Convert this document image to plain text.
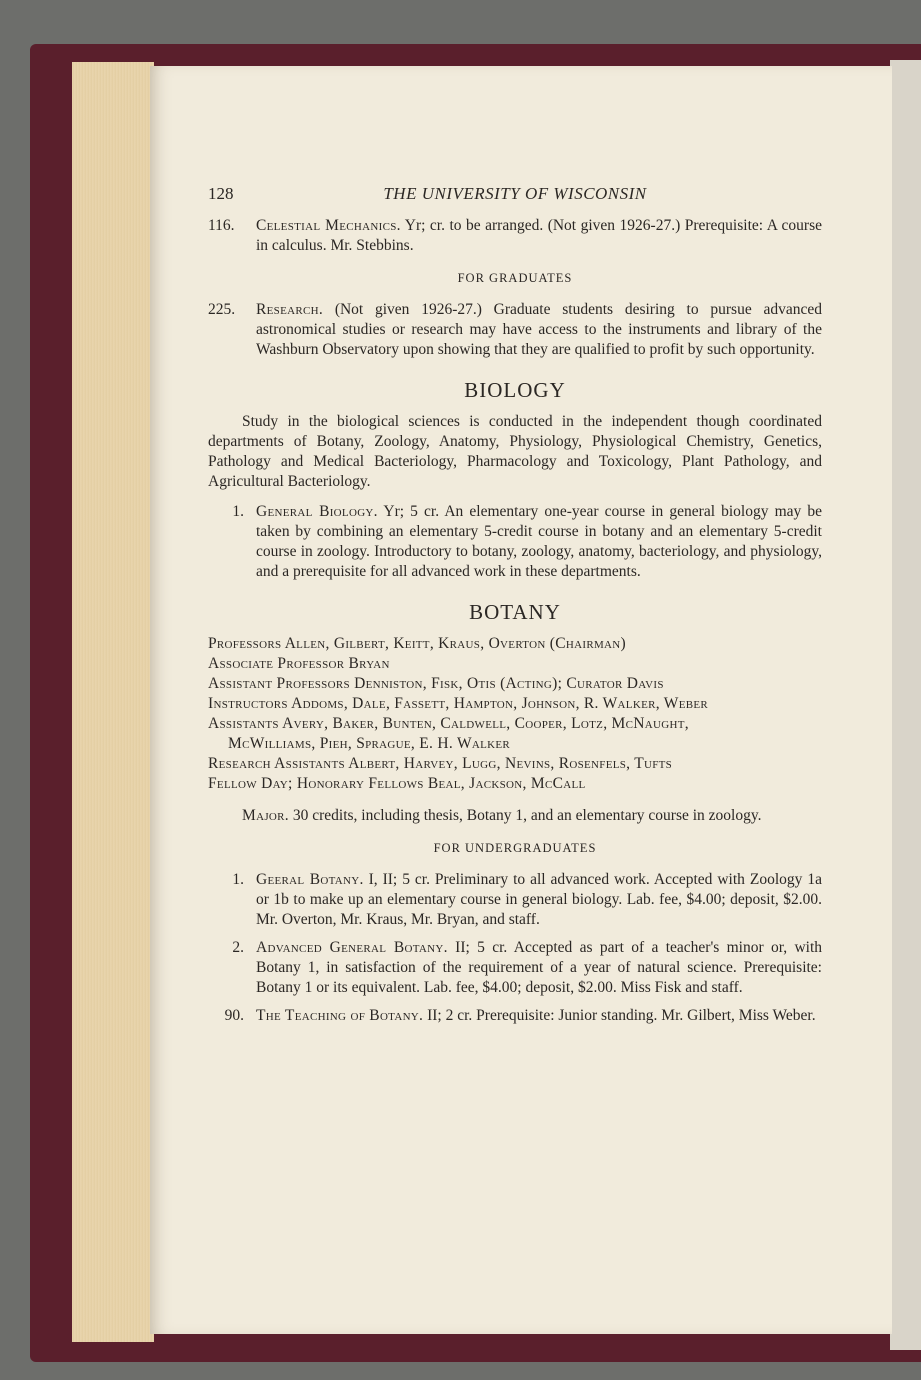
128	THE UNIVERSITY OF WISCONSIN
116.	Celestial Mechanics. Yr; cr. to be arranged. (Not given 1926-27.) Prerequisite: A course in calculus. Mr. Stebbins.
FOR GRADUATES
225.	Research. (Not given 1926-27.) Graduate students desiring to pursue advanced astronomical studies or research may have access to the instruments and library of the Washburn Observatory upon showing that they are qualified to profit by such opportunity.
BIOLOGY
Study in the biological sciences is conducted in the independent though coordinated departments of Botany, Zoology, Anatomy, Physiology, Physiological Chemistry, Genetics, Pathology and Medical Bacteriology, Pharmacology and Toxicology, Plant Pathology, and Agricultural Bacteriology.
1. General Biology. Yr; 5 cr. An elementary one-year course in general biology may be taken by combining an elementary 5-credit course in botany and an elementary 5-credit course in zoology. Introductory to botany, zoology, anatomy, bacteriology, and physiology, and a prerequisite for all advanced work in these departments.
BOTANY
Professors Allen, Gilbert, Keitt, Kraus, Overton (Chairman)
Associate Professor Bryan
Assistant Professors Denniston, Fisk, Otis (Acting); Curator Davis
Instructors Addoms, Dale, Fassett, Hampton, Johnson, R. Walker, Weber
Assistants Avery, Baker, Bunten, Caldwell, Cooper, Lotz, McNaught,
McWilliams, Pieh, Sprague, E. H. Walker
Research Assistants Albert, Harvey, Lugg, Nevins, Rosenfels, Tufts
Fellow Day; Honorary Fellows Beal, Jackson, McCall
Major. 30 credits, including thesis, Botany 1, and an elementary course in zoology.
FOR UNDERGRADUATES
1. Geeral Botany. I, II; 5 cr. Preliminary to all advanced work. Accepted with Zoology 1a or 1b to make up an elementary course in general biology. Lab. fee, $4.00; deposit, $2.00. Mr. Overton, Mr. Kraus, Mr. Bryan, and staff.
2. Advanced General Botany. II; 5 cr. Accepted as part of a teacher's minor or, with Botany 1, in satisfaction of the requirement of a year of natural science. Prerequisite: Botany 1 or its equivalent. Lab. fee, $4.00; deposit, $2.00. Miss Fisk and staff.
90. The Teaching of Botany. II; 2 cr. Prerequisite: Junior standing. Mr. Gilbert, Miss Weber.
